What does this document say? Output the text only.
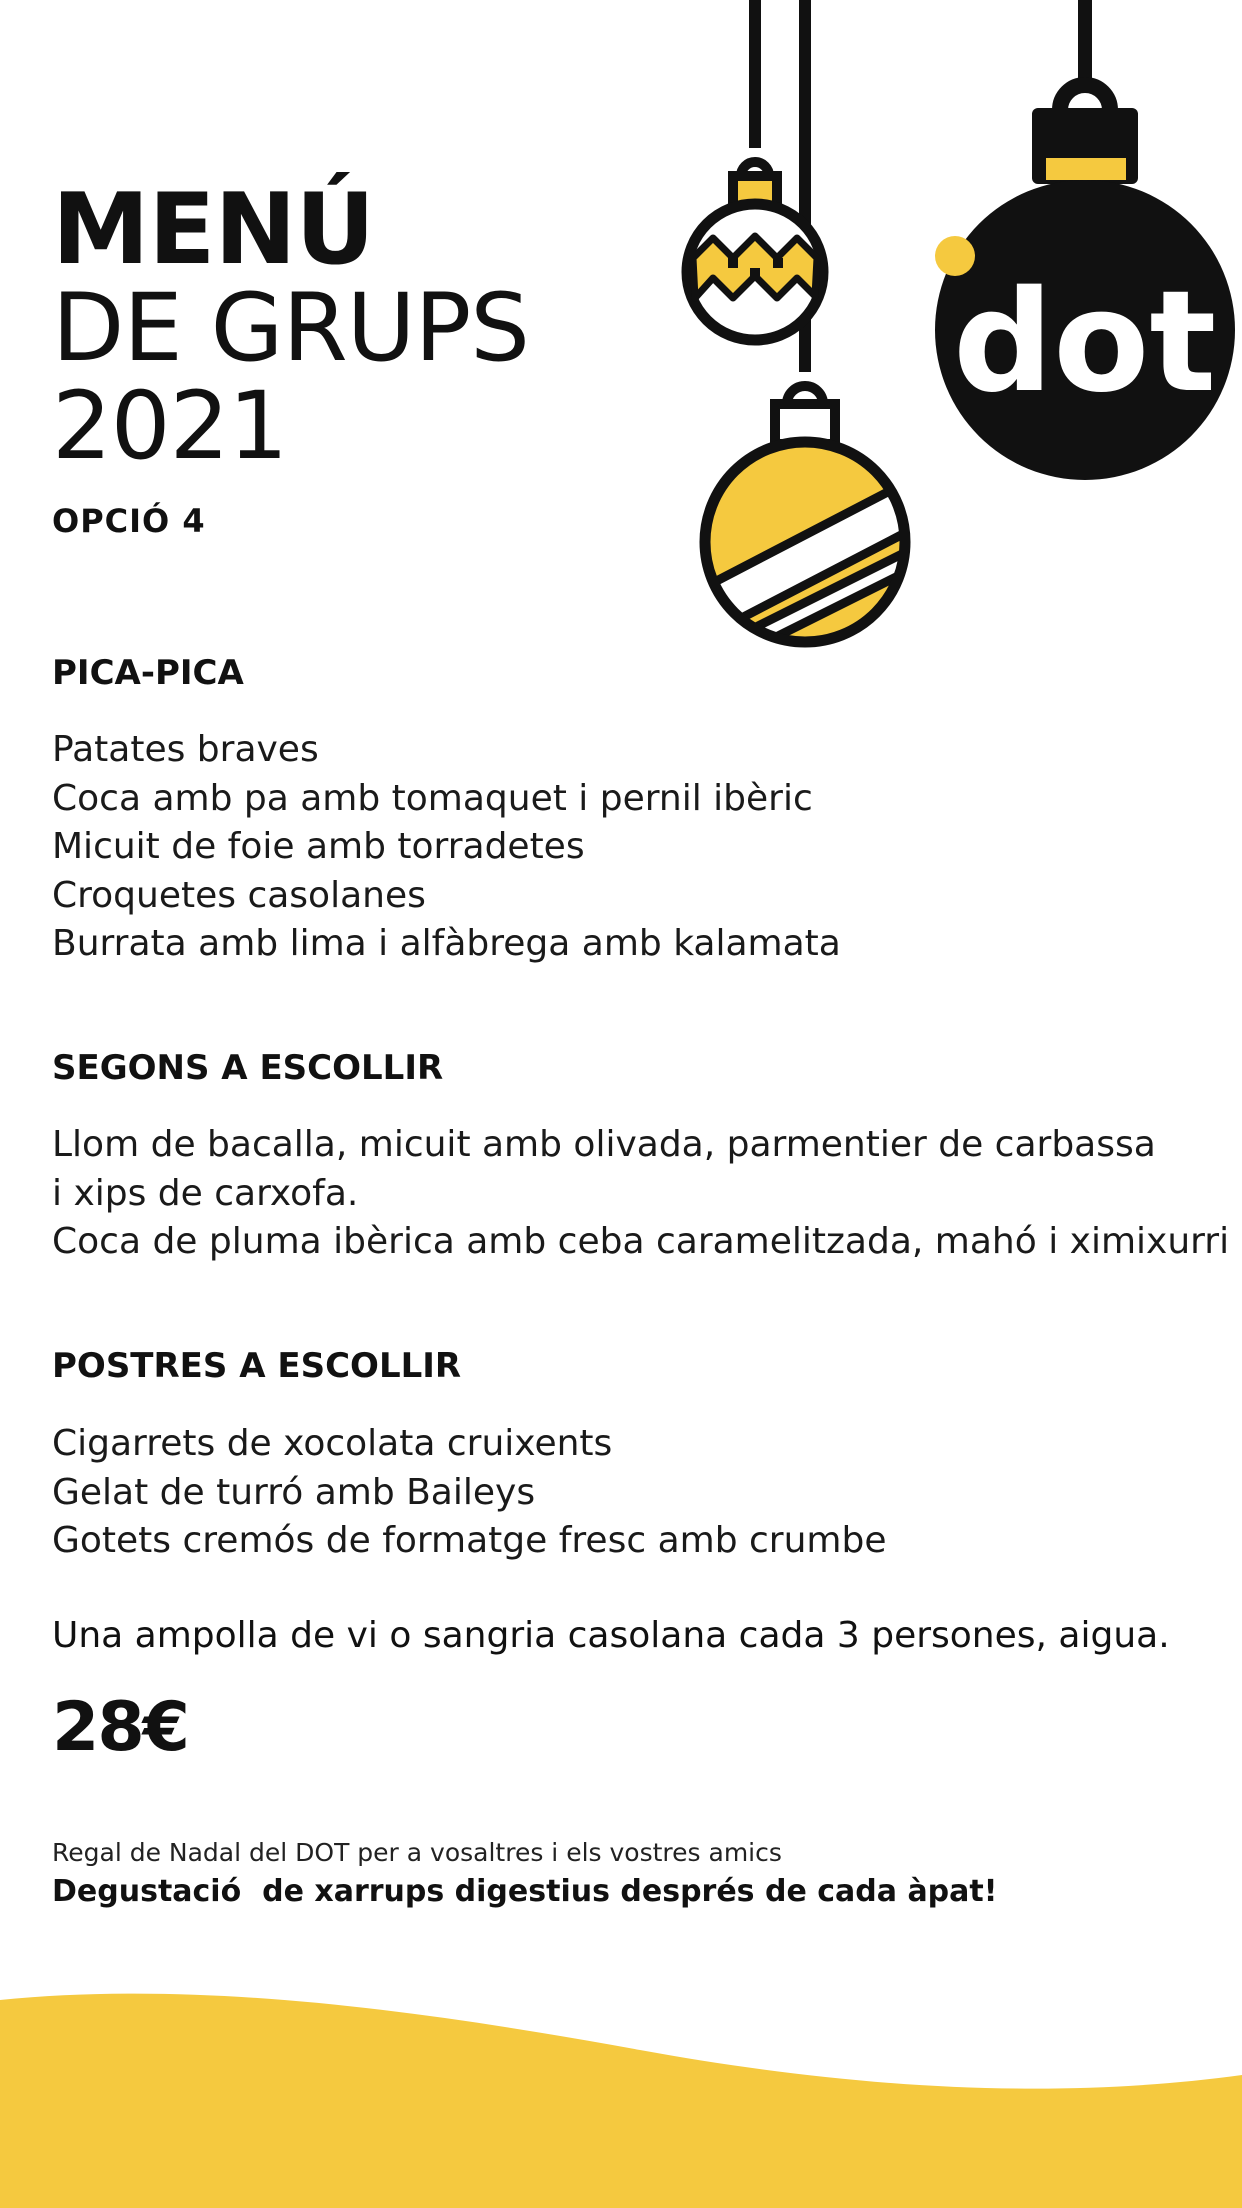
MENÚ
DE GRUPS
2021
OPCIÓ 4
dot
PICA-PICA
Patates braves
Coca amb pa amb tomaquet i pernil ibèric
Micuit de foie amb torradetes
Croquetes casolanes
Burrata amb lima i alfàbrega amb kalamata
SEGONS A ESCOLLIR
Llom de bacalla, micuit amb olivada, parmentier de carbassa
i xips de carxofa.
Coca de pluma ibèrica amb ceba caramelitzada, mahó i ximixurri
POSTRES A ESCOLLIR
Cigarrets de xocolata cruixents
Gelat de turró amb Baileys
Gotets cremós de formatge fresc amb crumbe

Una ampolla de vi o sangria casolana cada 3 persones, aigua.

28€

Regal de Nadal del DOT per a vosaltres i els vostres amics

Degustació  de xarrups digestius després de cada àpat!
